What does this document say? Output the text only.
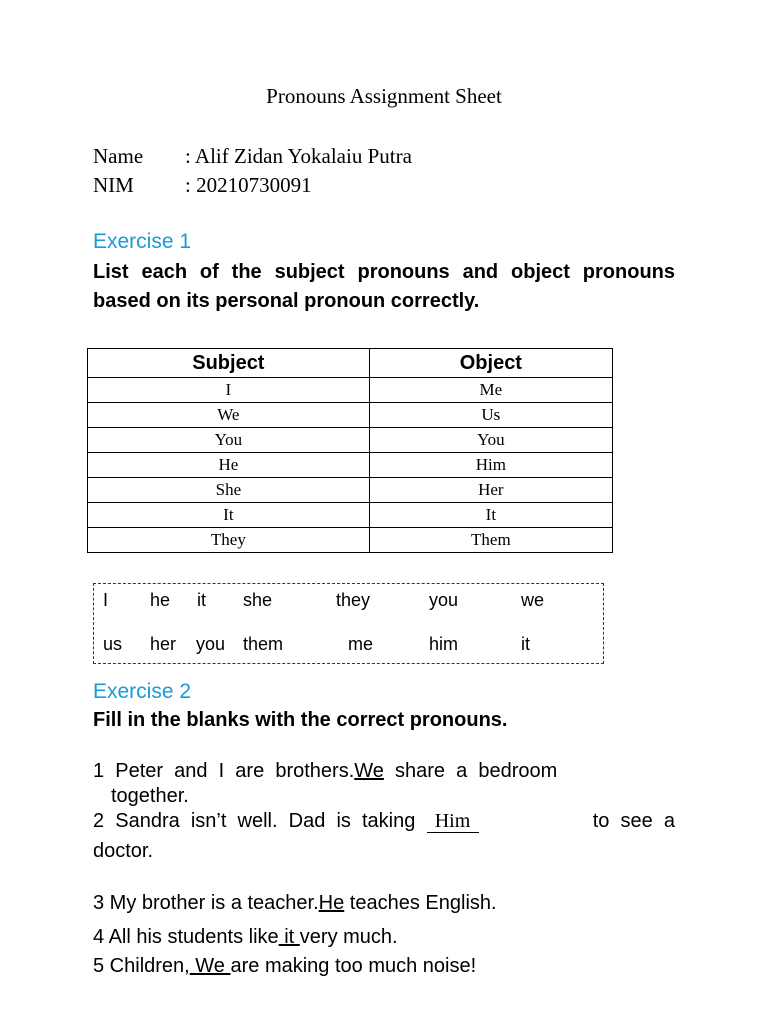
Pronouns Assignment Sheet
Name : Alif Zidan Yokalaiu Putra
NIM : 20210730091
Exercise 1
List each of the subject pronouns and object pronouns based on its personal pronoun correctly.
Subject	Object
I	Me
We	Us
You	You
He	Him
She	Her
It	It
They	Them
I he it she	they	you	we
us her you them	me	him	it
Exercise 2
Fill in the blanks with the correct pronouns.
1  Peter  and  I  are  brothers.We  share  a  bedroom
together.
2  Sandra  isn’t  well.  Dad  is  taking  Him	to  see  a
doctor.
3 My brother is a teacher.He teaches English.
4 All his students like it very much.
5 Children, We are making too much noise!
